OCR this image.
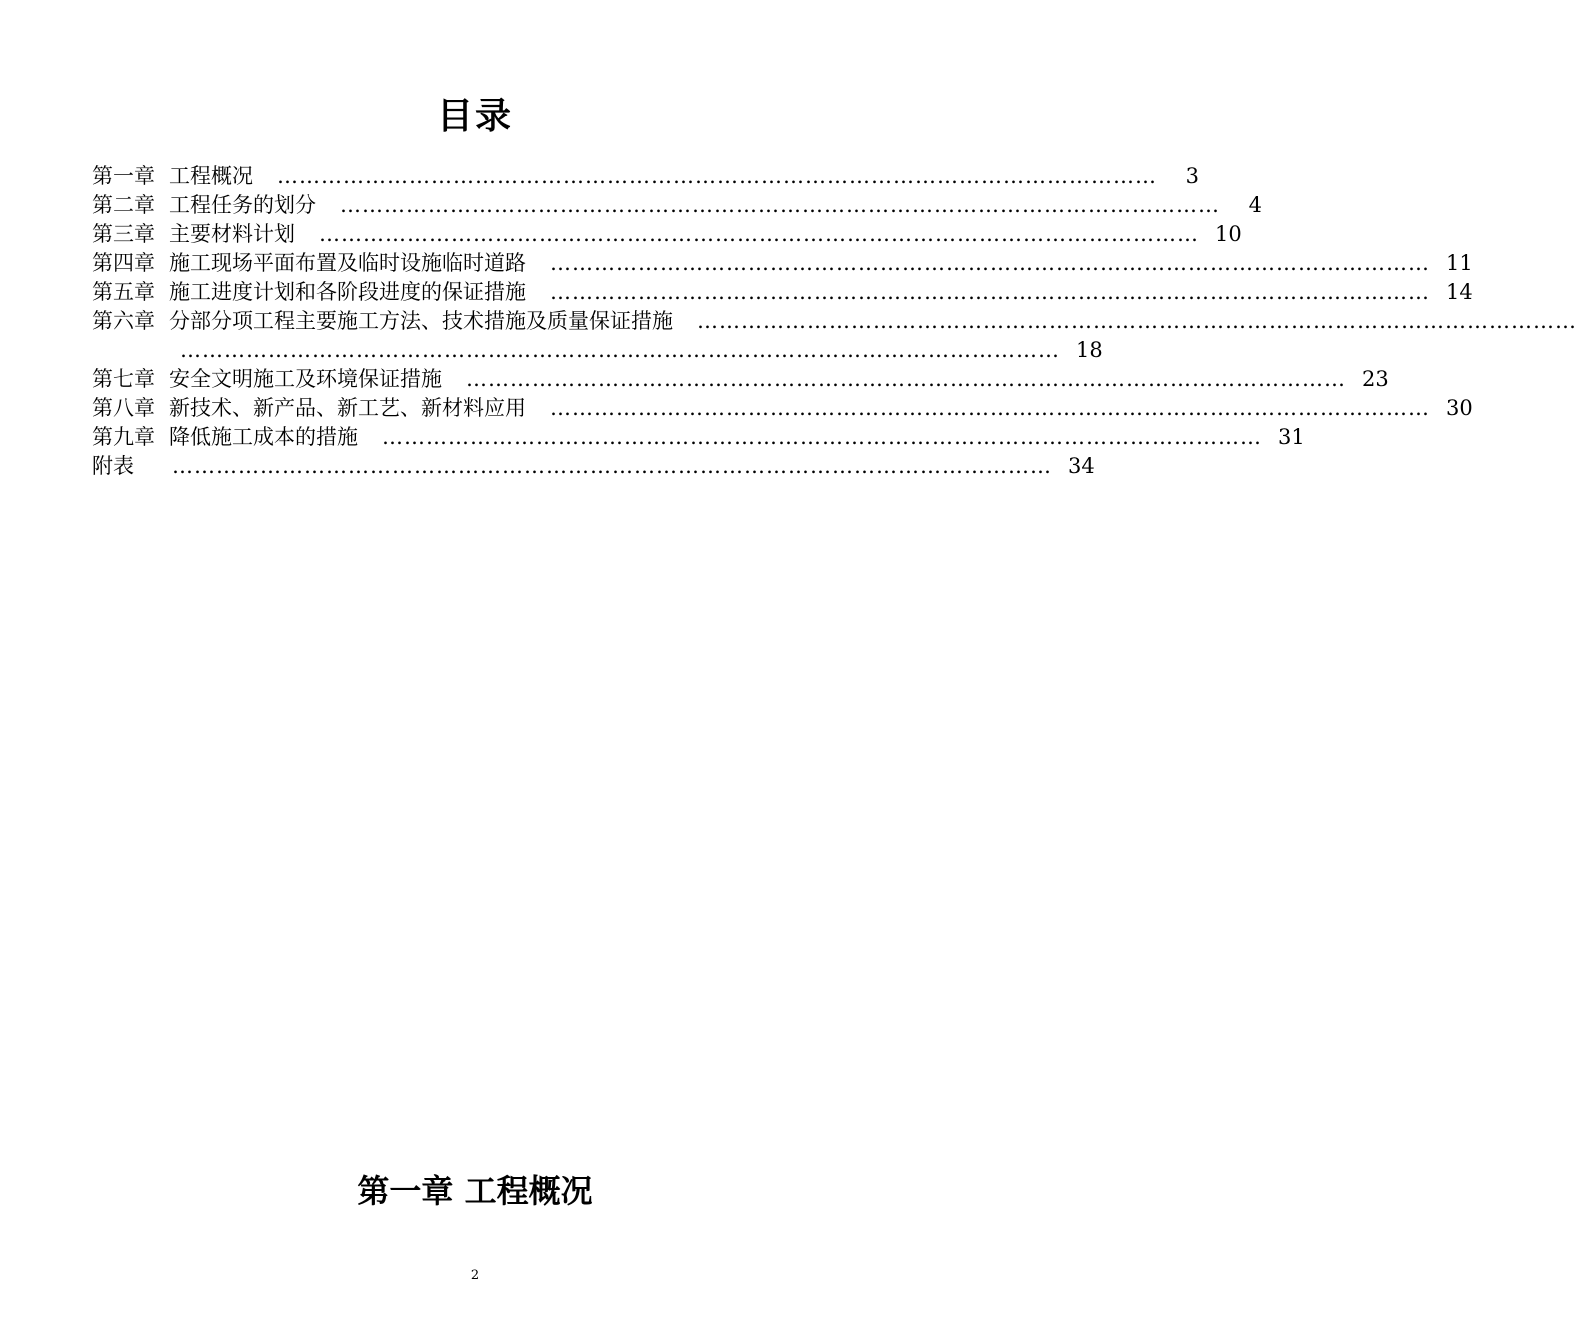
目录
第一章 工程概况 …………………………………………………………………………………………………………	3
第二章 工程任务的划分 …………………………………………………………………………………………………………	4
第三章 主要材料计划 ………………………………………………………………………………………………………… 10
第四章 施工现场平面布置及临时设施临时道路 ………………………………………………………………………………………………………… 11
第五章 施工进度计划和各阶段进度的保证措施 ………………………………………………………………………………………………………… 14
第六章 分部分项工程主要施工方法、技术措施及质量保证措施 …………………………………………………………………………………………………………
………………………………………………………………………………………………………… 18
第七章 安全文明施工及环境保证措施 ………………………………………………………………………………………………………… 23
第八章 新技术、新产品、新工艺、新材料应用 ………………………………………………………………………………………………………… 30
第九章 降低施工成本的措施 ………………………………………………………………………………………………………… 31
附表	………………………………………………………………………………………………………… 34
第一章 工程概况
2
